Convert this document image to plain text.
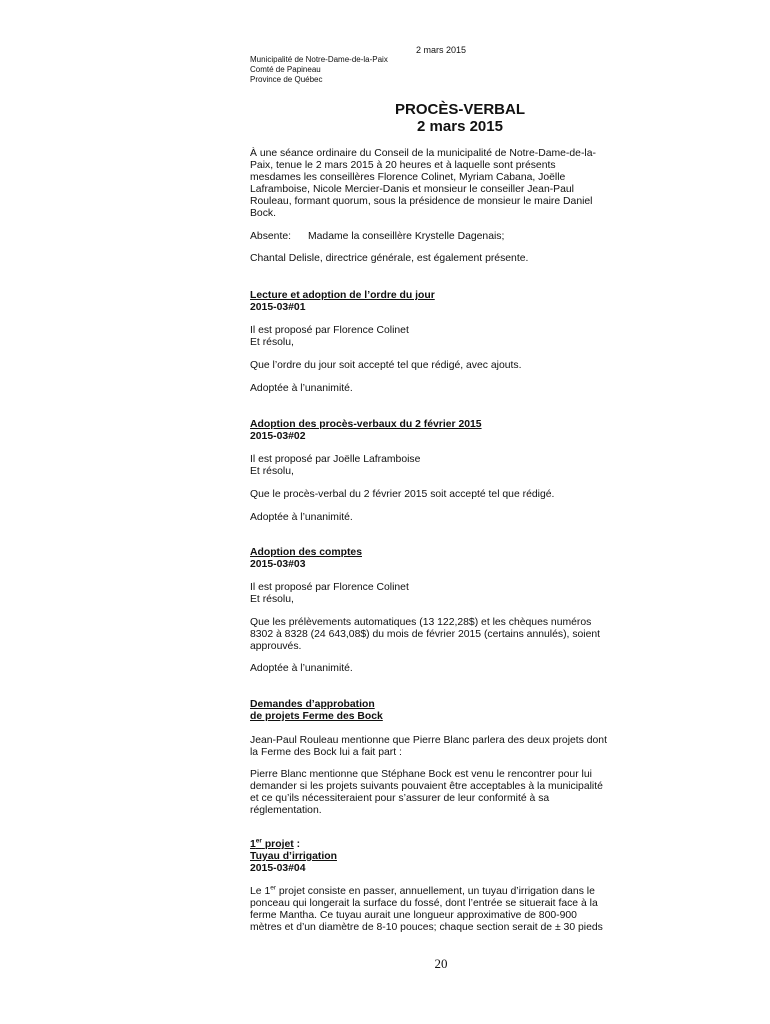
2 mars 2015
Municipalité de Notre-Dame-de-la-Paix
Comté de Papineau
Province de Québec
PROCÈS-VERBAL
2 mars 2015
À une séance ordinaire du Conseil de la municipalité de Notre-Dame-de-la-
Paix, tenue le 2 mars 2015 à 20 heures et à laquelle sont présents
mesdames les conseillères Florence Colinet, Myriam Cabana, Joëlle
Laframboise, Nicole Mercier-Danis et monsieur le conseiller Jean-Paul
Rouleau, formant quorum, sous la présidence de monsieur le maire Daniel
Bock.
Absente: Madame la conseillère Krystelle Dagenais;
Chantal Delisle, directrice générale, est également présente.
Lecture et adoption de l’ordre du jour
2015-03#01
Il est proposé par Florence Colinet
Et résolu,
Que l’ordre du jour soit accepté tel que rédigé, avec ajouts.
Adoptée à l’unanimité.
Adoption des procès-verbaux du 2 février 2015
2015-03#02
Il est proposé par Joëlle Laframboise
Et résolu,
Que le procès-verbal du 2 février 2015 soit accepté tel que rédigé.
Adoptée à l’unanimité.
Adoption des comptes
2015-03#03
Il est proposé par Florence Colinet
Et résolu,
Que les prélèvements automatiques (13 122,28$) et les chèques numéros
8302 à 8328 (24 643,08$) du mois de février 2015 (certains annulés), soient
approuvés.
Adoptée à l’unanimité.
Demandes d’approbation
de projets Ferme des Bock
Jean-Paul Rouleau mentionne que Pierre Blanc parlera des deux projets dont
la Ferme des Bock lui a fait part :
Pierre Blanc mentionne que Stéphane Bock est venu le rencontrer pour lui
demander si les projets suivants pouvaient être acceptables à la municipalité
et ce qu’ils nécessiteraient pour s’assurer de leur conformité à sa
réglementation.
1er projet :
Tuyau d’irrigation
2015-03#04
Le 1er projet consiste en passer, annuellement, un tuyau d’irrigation dans le
ponceau qui longerait la surface du fossé, dont l’entrée se situerait face à la
ferme Mantha. Ce tuyau aurait une longueur approximative de 800-900
mètres et d’un diamètre de 8-10 pouces; chaque section serait de ± 30 pieds
20
